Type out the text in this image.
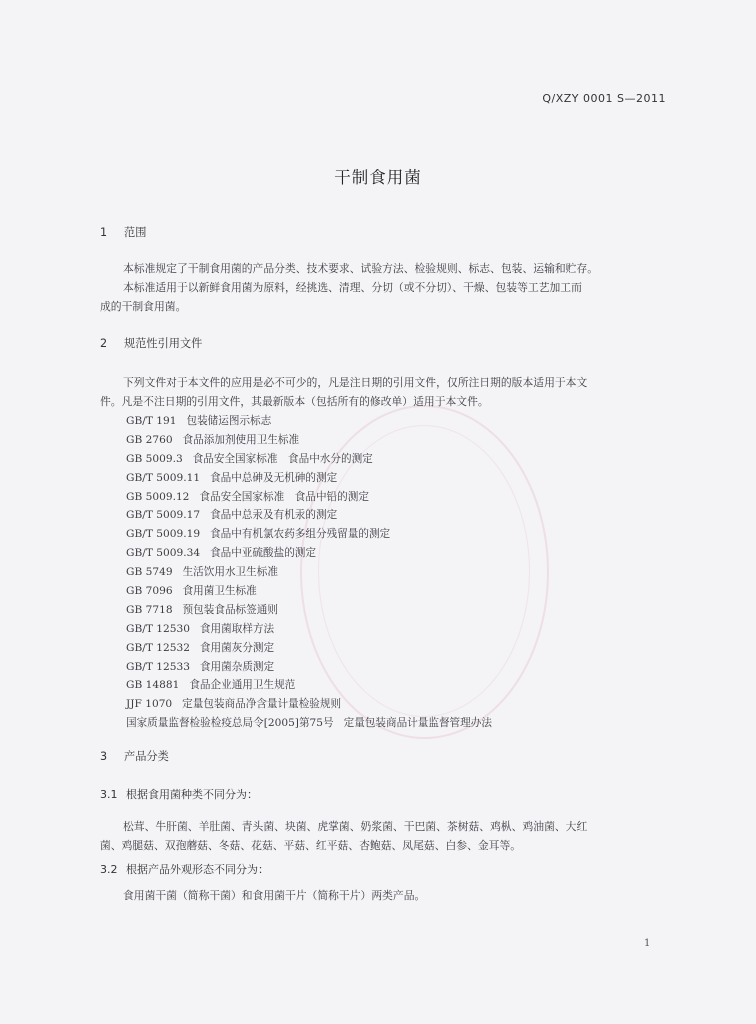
Q/XZY 0001 S—2011
干制食用菌
1 范围
本标准规定了干制食用菌的产品分类、技术要求、试验方法、检验规则、标志、包装、运输和贮存。
本标准适用于以新鲜食用菌为原料，经挑选、清理、分切（或不分切）、干燥、包装等工艺加工而
成的干制食用菌。
2 规范性引用文件
下列文件对于本文件的应用是必不可少的，凡是注日期的引用文件，仅所注日期的版本适用于本文
件。凡是不注日期的引用文件，其最新版本（包括所有的修改单）适用于本文件。
GB/T 191 包装储运图示标志
GB 2760 食品添加剂使用卫生标准
GB 5009.3 食品安全国家标准　食品中水分的测定
GB/T 5009.11 食品中总砷及无机砷的测定
GB 5009.12 食品安全国家标准　食品中铅的测定
GB/T 5009.17 食品中总汞及有机汞的测定
GB/T 5009.19 食品中有机氯农药多组分残留量的测定
GB/T 5009.34 食品中亚硫酸盐的测定
GB 5749 生活饮用水卫生标准
GB 7096 食用菌卫生标准
GB 7718 预包装食品标签通则
GB/T 12530 食用菌取样方法
GB/T 12532 食用菌灰分测定
GB/T 12533 食用菌杂质测定
GB 14881 食品企业通用卫生规范
JJF 1070 定量包装商品净含量计量检验规则
国家质量监督检验检疫总局令[2005]第75号 定量包装商品计量监督管理办法
3 产品分类
3.1 根据食用菌种类不同分为：
松茸、牛肝菌、羊肚菌、青头菌、块菌、虎掌菌、奶浆菌、干巴菌、茶树菇、鸡枞、鸡油菌、大红
菌、鸡腿菇、双孢蘑菇、冬菇、花菇、平菇、红平菇、杏鲍菇、凤尾菇、白参、金耳等。
3.2 根据产品外观形态不同分为：
食用菌干菌（简称干菌）和食用菌干片（简称干片）两类产品。
1
